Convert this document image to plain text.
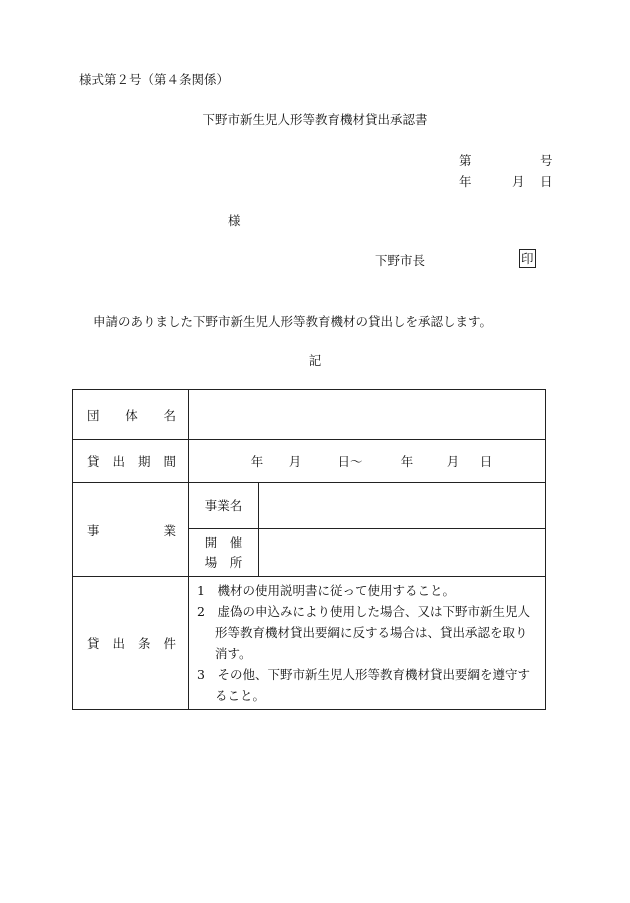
様式第２号（第４条関係）
下野市新生児人形等教育機材貸出承認書
第	号
年	月 日
様
下野市長	印
申請のありました下野市新生児人形等教育機材の貸出しを承認します。
記
団　体　名		
貸出期間	年 月 日～ 年 月 日	
事　　　業	事業名	

	開　催
場　所	

貸出条件	1　機材の使用説明書に従って使用すること。
2　虚偽の申込みにより使用した場合、又は下野市新生児人形等教育機材貸出要綱に反する場合は、貸出承認を取り消す。
3　その他、下野市新生児人形等教育機材貸出要綱を遵守すること。	
